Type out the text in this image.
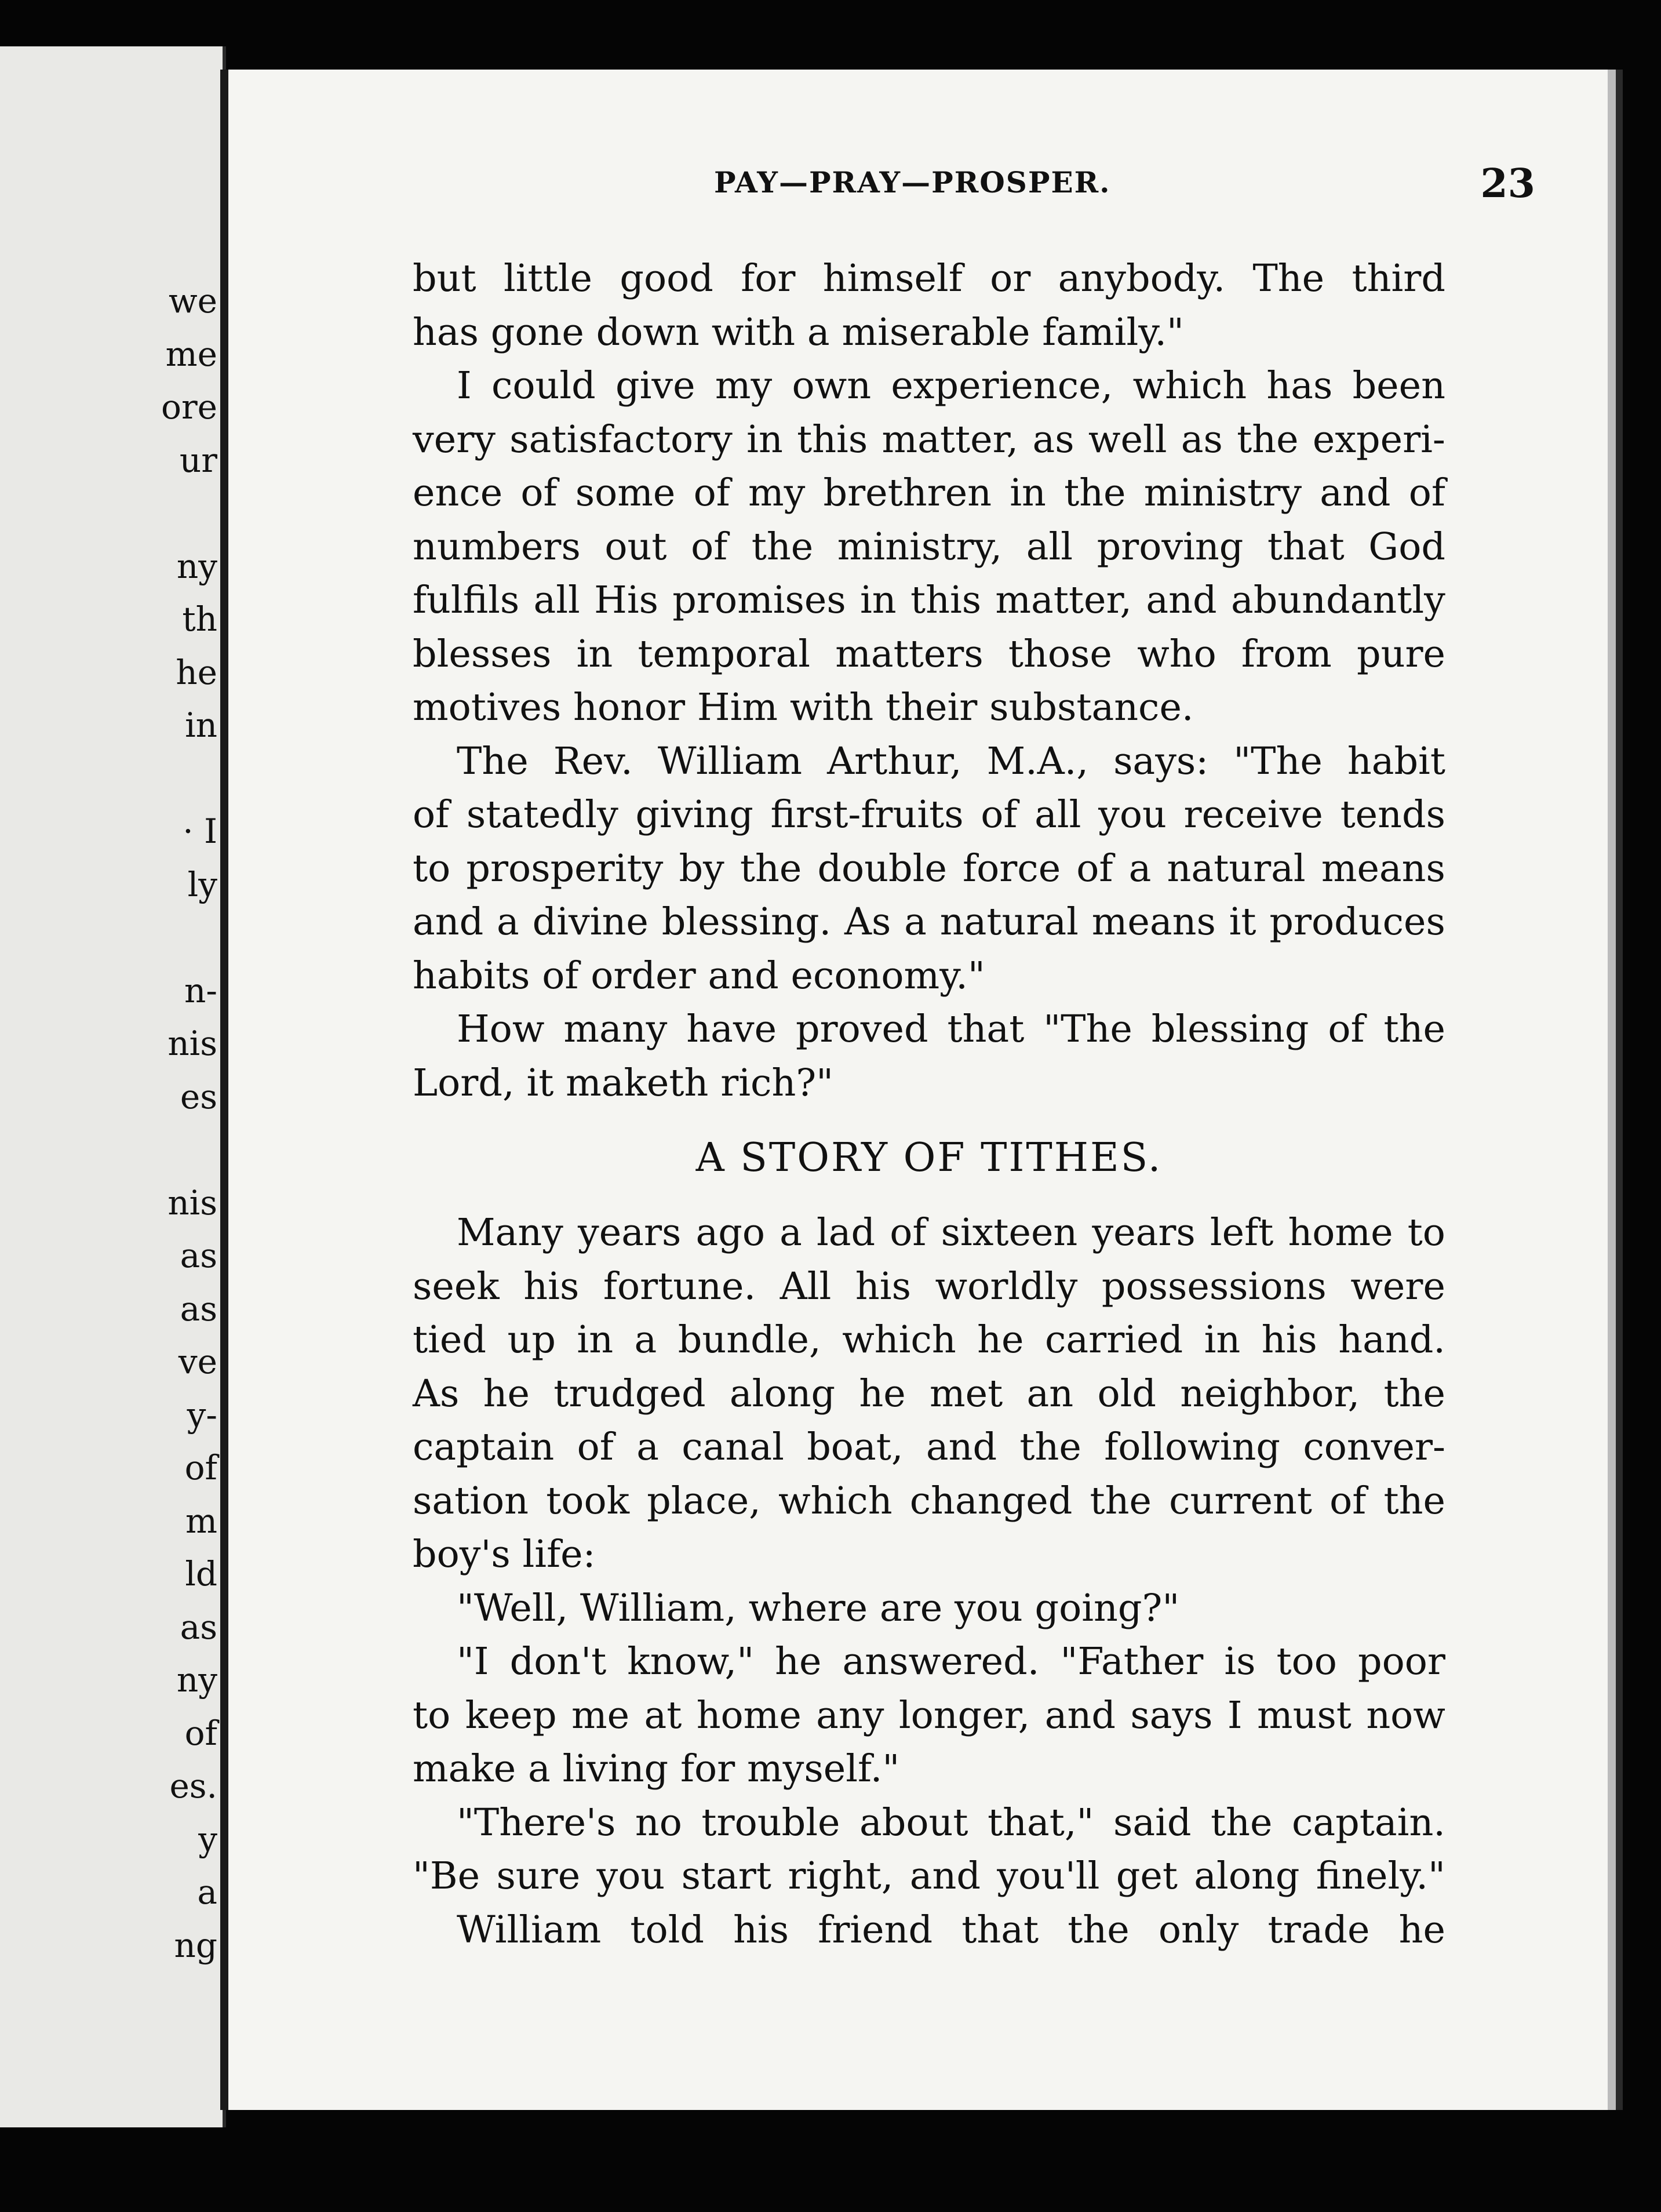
we
me
ore
ur
ny
th
he
in
· I
ly
n-
nis
es
nis
as
as
ve
y-
of
m
ld
as
ny
of
es.
y
a
ng
PAY—PRAY—PROSPER.	23
but little good for himself or anybody. The third
has gone down with a miserable family."
I could give my own experience, which has been
very satisfactory in this matter, as well as the experi-
ence of some of my brethren in the ministry and of
numbers out of the ministry, all proving that God
fulfils all His promises in this matter, and abundantly
blesses in temporal matters those who from pure
motives honor Him with their substance.
The Rev. William Arthur, M.A., says: "The habit
of statedly giving first-fruits of all you receive tends
to prosperity by the double force of a natural means
and a divine blessing. As a natural means it produces
habits of order and economy."
How many have proved that "The blessing of the
Lord, it maketh rich?"
A STORY OF TITHES.
Many years ago a lad of sixteen years left home to
seek his fortune. All his worldly possessions were
tied up in a bundle, which he carried in his hand.
As he trudged along he met an old neighbor, the
captain of a canal boat, and the following conver-
sation took place, which changed the current of the
boy's life:
"Well, William, where are you going?"
"I don't know," he answered. "Father is too poor
to keep me at home any longer, and says I must now
make a living for myself."
"There's no trouble about that," said the captain.
"Be sure you start right, and you'll get along finely."
William told his friend that the only trade he
